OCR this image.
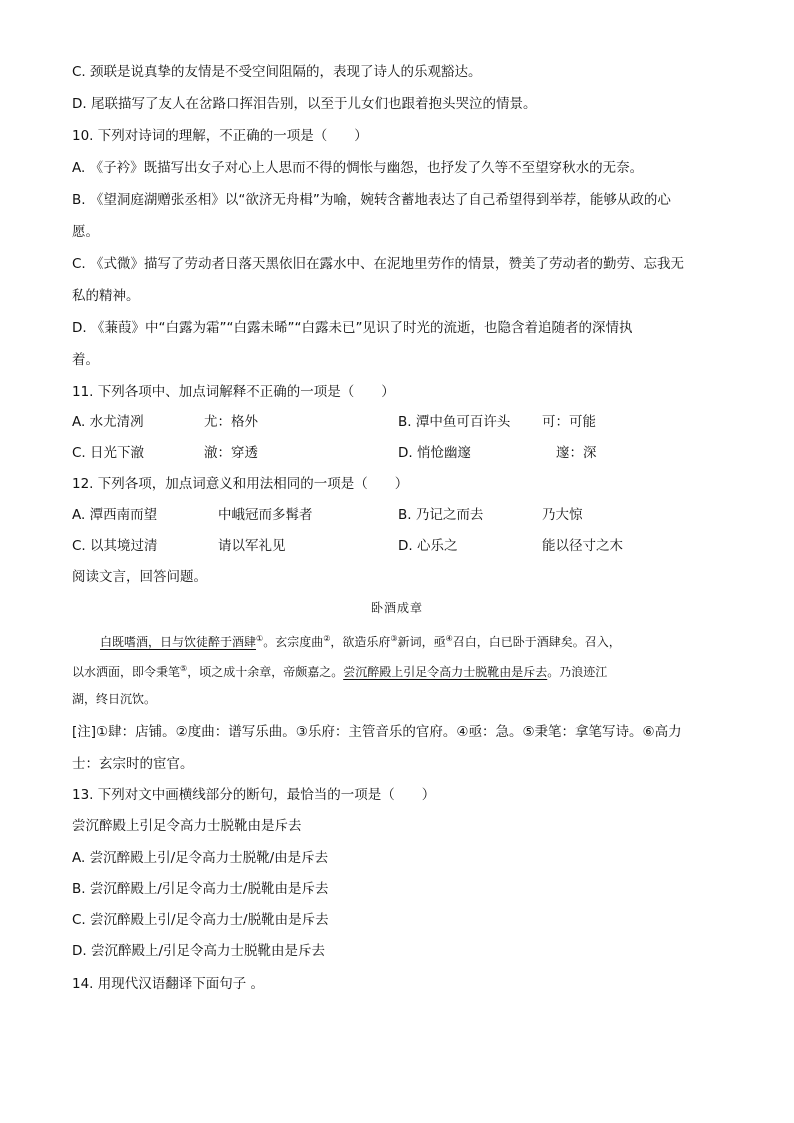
C. 颈联是说真挚的友情是不受空间阻隔的，表现了诗人的乐观豁达。
D. 尾联描写了友人在岔路口挥泪告别，以至于儿女们也跟着抱头哭泣的情景。
10. 下列对诗词的理解，不正确的一项是（　　）
A. 《子衿》既描写出女子对心上人思而不得的惆怅与幽怨，也抒发了久等不至望穿秋水的无奈。
B. 《望洞庭湖赠张丞相》以“欲济无舟楫”为喻，婉转含蓄地表达了自己希望得到举荐，能够从政的心
愿。
C. 《式微》描写了劳动者日落天黑依旧在露水中、在泥地里劳作的情景，赞美了劳动者的勤劳、忘我无
私的精神。
D. 《蒹葭》中“白露为霜”“白露未晞”“白露未已”见识了时光的流逝，也隐含着追随者的深情执
着。
11. 下列各项中、加点词解释不正确的一项是（　　）
A. 水尤清冽	尤：格外	B. 潭中鱼可百许头 可：可能
C. 日光下澈	澈：穿透	D. 悄怆幽邃	邃：深
12. 下列各项，加点词意义和用法相同的一项是（　　）
A. 潭西南而望	中峨冠而多髯者	B. 乃记之而去	乃大惊
C. 以其境过清	请以军礼见	D. 心乐之	能以径寸之木
阅读文言，回答问题。
卧酒成章
白既嗜酒，日与饮徒醉于酒肆①。玄宗度曲②，欲造乐府③新词，亟④召白，白已卧于酒肆矣。召入，
以水洒面，即令秉笔⑤，顷之成十余章，帝颇嘉之。尝沉醉殿上引足令高力士脱靴由是斥去。乃浪迹江
湖，终日沉饮。
[注]①肆：店铺。②度曲：谱写乐曲。③乐府：主管音乐的官府。④亟：急。⑤秉笔：拿笔写诗。⑥高力
士：玄宗时的宦官。
13. 下列对文中画横线部分的断句，最恰当的一项是（　　）
尝沉醉殿上引足令高力士脱靴由是斥去
A. 尝沉醉殿上引/足令高力士脱靴/由是斥去
B. 尝沉醉殿上/引足令高力士/脱靴由是斥去
C. 尝沉醉殿上引/足令高力士/脱靴由是斥去
D. 尝沉醉殿上/引足令高力士脱靴由是斥去
14. 用现代汉语翻译下面句子 。
